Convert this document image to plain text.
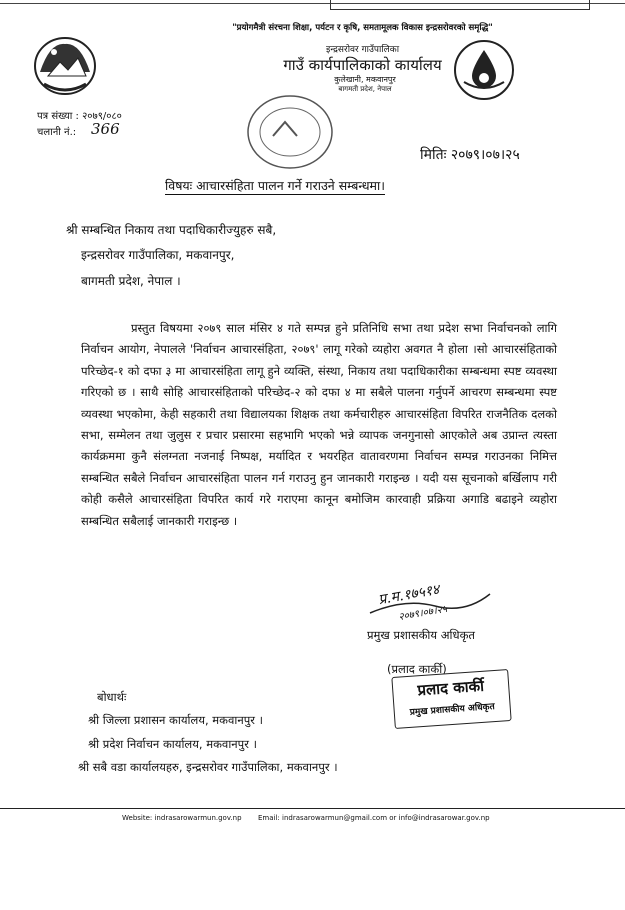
"प्रयोगमैत्री संरचना शिक्षा, पर्यटन र कृषि, समतामूलक विकास इन्द्रसरोवरको समृद्धि"
इन्द्रसरोवर गाउँपालिका
गाउँ कार्यपालिकाको कार्यालय
कुलेखानी, मकवानपुर
बागमती प्रदेश, नेपाल
पत्र संख्या : २०७९/०८०
चलानी नं.: 366
मितिः २०७९।०७।२५
विषयः आचारसंहिता पालन गर्ने गराउने सम्बन्धमा।
श्री सम्बन्धित निकाय तथा पदाधिकारीज्युहरु सबै,
इन्द्रसरोवर गाउँपालिका, मकवानपुर,
बागमती प्रदेश, नेपाल ।
प्रस्तुत विषयमा २०७९ साल मंसिर ४ गते सम्पन्न हुने प्रतिनिधि सभा तथा प्रदेश सभा निर्वाचनको लागि निर्वाचन आयोग, नेपालले 'निर्वाचन आचारसंहिता, २०७९' लागू गरेको व्यहोरा अवगत नै होला ।सो आचारसंहिताको परिच्छेद-१ को दफा ३ मा आचारसंहिता लागू हुने व्यक्ति, संस्था, निकाय तथा पदाधिकारीका सम्बन्धमा स्पष्ट व्यवस्था गरिएको छ । साथै सोहि आचारसंहिताको परिच्छेद-२ को दफा ४ मा सबैले पालना गर्नुपर्ने आचरण सम्बन्धमा स्पष्ट व्यवस्था भएकोमा, केही सहकारी तथा विद्यालयका शिक्षक तथा कर्मचारीहरु आचारसंहिता विपरित राजनैतिक दलको सभा, सम्मेलन तथा जुलुस र प्रचार प्रसारमा सहभागि भएको भन्ने व्यापक जनगुनासो आएकोले अब उप्रान्त त्यस्ता कार्यक्रममा कुनै संलग्नता नजनाई निष्पक्ष, मर्यादित र भयरहित वातावरणमा निर्वाचन सम्पन्न गराउनका निमित्त सम्बन्धित सबैले निर्वाचन आचारसंहिता पालन गर्न गराउनु हुन जानकारी गराइन्छ । यदी यस सूचनाको बर्खिलाप गरी कोही कसैले आचारसंहिता विपरित कार्य गरे गराएमा कानून बमोजिम कारवाही प्रक्रिया अगाडि बढाइने व्यहोरा सम्बन्धित सबैलाई जानकारी गराइन्छ ।
प्र.म.१७५१४
२०७९।०७।२५
प्रमुख प्रशासकीय अधिकृत
(प्रलाद कार्की)
प्रलाद कार्की
प्रमुख प्रशासकीय अधिकृत
बोधार्थः
श्री जिल्ला प्रशासन कार्यालय, मकवानपुर ।
श्री प्रदेश निर्वाचन कार्यालय, मकवानपुर ।
श्री सबै वडा कार्यालयहरु, इन्द्रसरोवर गाउँपालिका, मकवानपुर ।
Website: indrasarowarmun.gov.np Email: indrasarowarmun@gmail.com or info@indrasarowar.gov.np
